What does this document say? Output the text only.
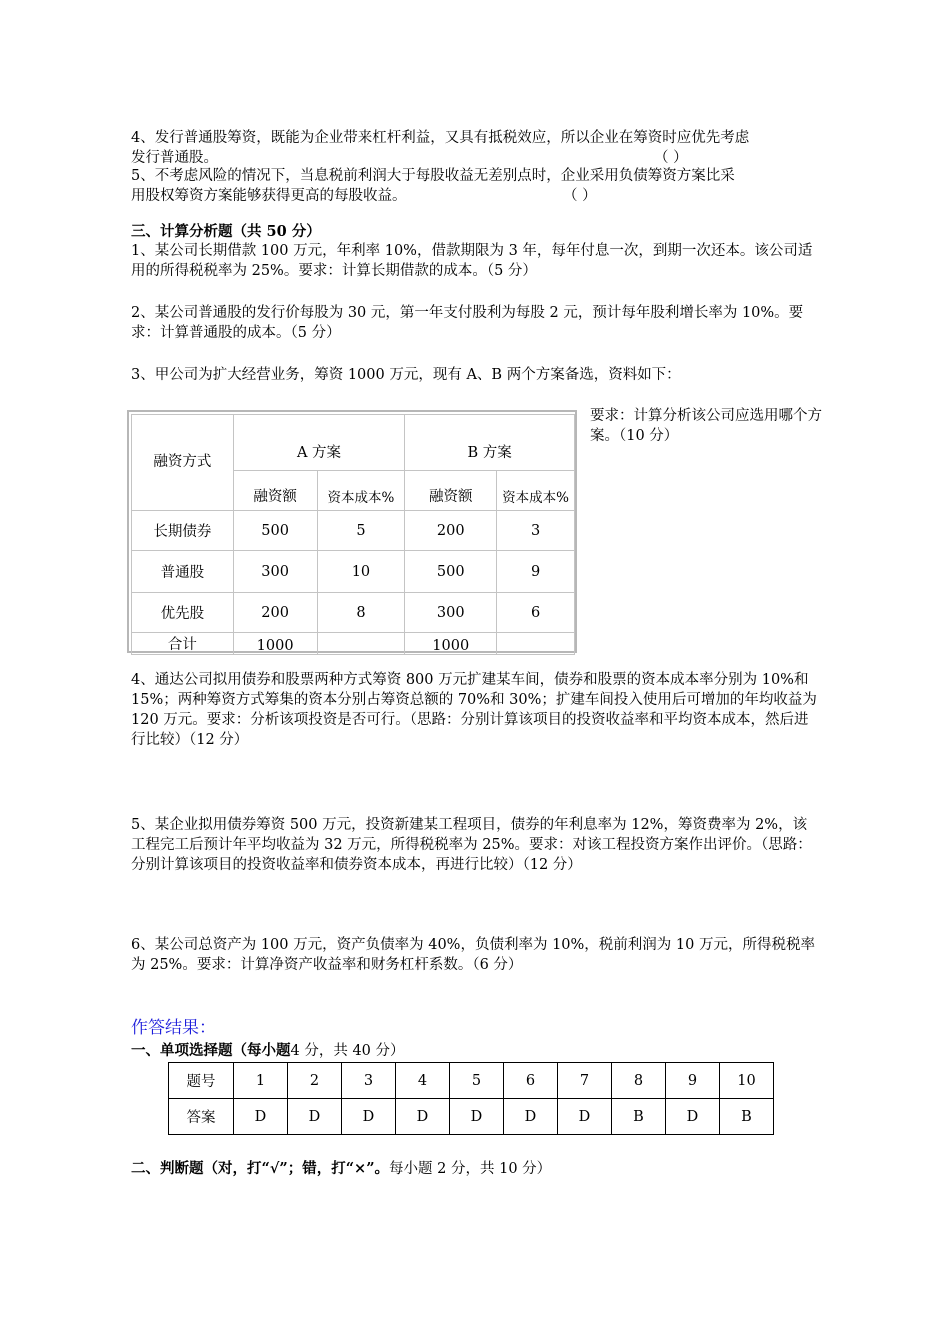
4、发行普通股筹资，既能为企业带来杠杆利益，又具有抵税效应，所以企业在筹资时应优先考虑

发行普通股。	（ ）

5、不考虑风险的情况下，当息税前利润大于每股收益无差别点时，企业采用负债筹资方案比采

用股权筹资方案能够获得更高的每股收益。	（ ）
三、计算分析题（共 50 分）
1、某公司长期借款 100 万元，年利率 10%，借款期限为 3 年，每年付息一次，到期一次还本。该公司适用的所得税税率为 25%。要求：计算长期借款的成本。（5 分）
2、某公司普通股的发行价每股为 30 元，第一年支付股利为每股 2 元，预计每年股利增长率为 10%。要求：计算普通股的成本。（5 分）
3、甲公司为扩大经营业务，筹资 1000 万元，现有 A、B 两个方案备选，资料如下：
融资方式	A 方案		B 方案	
	融资额	资本成本%	融资额	资本成本%
长期债券	500	5	200	3
普通股	300	10	500	9
优先股	200	8	300	6
合计	1000		1000	
要求：计算分析该公司应选用哪个方案。（10 分）
4、通达公司拟用债券和股票两种方式筹资 800 万元扩建某车间，债券和股票的资本成本率分别为 10%和 15%；两种筹资方式筹集的资本分别占筹资总额的 70%和 30%；扩建车间投入使用后可增加的年均收益为 120 万元。要求：分析该项投资是否可行。（思路：分别计算该项目的投资收益率和平均资本成本，然后进行比较）（12 分）
5、某企业拟用债券筹资 500 万元，投资新建某工程项目，债券的年利息率为 12%，筹资费率为 2%，该工程完工后预计年平均收益为 32 万元，所得税税率为 25%。要求：对该工程投资方案作出评价。（思路：分别计算该项目的投资收益率和债券资本成本，再进行比较）（12 分）
6、某公司总资产为 100 万元，资产负债率为 40%，负债利率为 10%，税前利润为 10 万元，所得税税率为 25%。要求：计算净资产收益率和财务杠杆系数。（6 分）
作答结果：
一、单项选择题（每小题4 分，共 40 分）
题号	1	2	3	4	5	6	7	8	9	10
答案	D	D	D	D	D	D	D	B	D	B
二、判断题（对，打“√”；错，打“×”。每小题 2 分，共 10 分）
